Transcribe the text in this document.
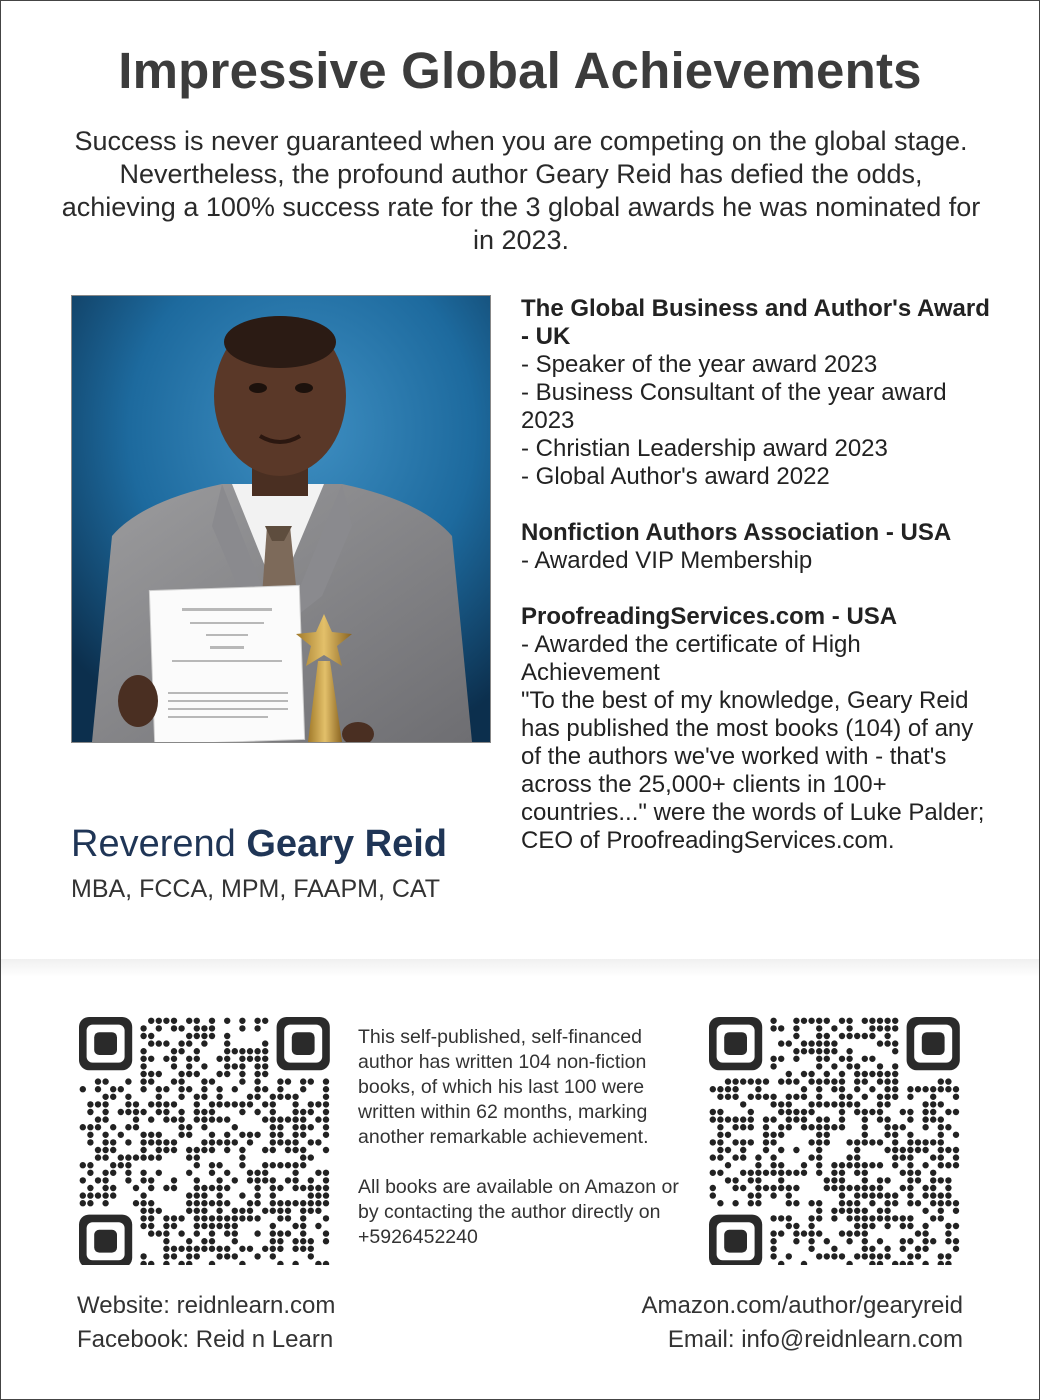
Impressive Global Achievements
Success is never guaranteed when you are competing on the global stage. Nevertheless, the profound author Geary Reid has defied the odds, achieving a 100% success rate for the 3 global awards he was nominated for in 2023.
The Global Business and Author's Award - UK
- Speaker of the year award 2023
- Business Consultant of the year award 2023
- Christian Leadership award 2023
- Global Author's award 2022
Nonfiction Authors Association - USA
- Awarded VIP Membership
ProofreadingServices.com - USA
- Awarded the certificate of High Achievement
"To the best of my knowledge, Geary Reid has published the most books (104) of any of the authors we've worked with - that's across the 25,000+ clients in 100+ countries..." were the words of Luke Palder; CEO of ProofreadingServices.com.
Reverend Geary Reid
MBA, FCCA, MPM, FAAPM, CAT
This self-published, self-financed author has written 104 non-fiction books, of which his last 100 were written within 62 months, marking another remarkable achievement.
All books are available on Amazon or by contacting the author directly on +5926452240
Website: reidnlearn.com
Facebook: Reid n Learn
Amazon.com/author/gearyreid
Email: info@reidnlearn.com
